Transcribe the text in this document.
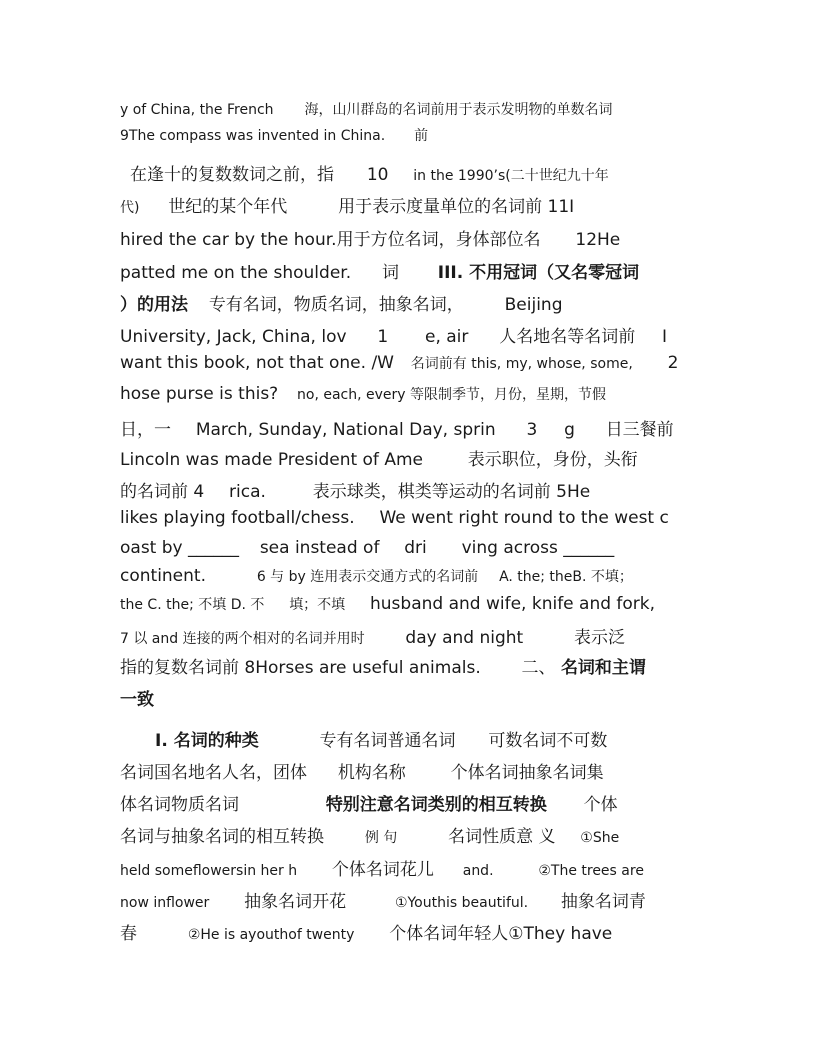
y of China, the French 海，山川群岛的名词前用于表示发明物的单数名词
9The compass was invented in China. 前
在逢十的复数数词之前，指 10 in the 1990’s(二十世纪九十年
代) 世纪的某个年代	用于表示度量单位的名词前 11I
hired the car by the hour.用于方位名词，身体部位名 12He
patted me on the shoulder. 词 III. 不用冠词（又名零冠词
）的用法 专有名词，物质名词，抽象名词， Beijing
University, Jack, China, lov 1 e, air 人名地名等名词前 I
want this book, not that one. /W 名词前有 this, my, whose, some, 2
hose purse is this? no, each, every 等限制季节，月份，星期，节假
日，一 March, Sunday, National Day, sprin 3 g 日三餐前
Lincoln was made President of Ame	表示职位，身份，头衔
的名词前 4 rica.	表示球类，棋类等运动的名词前 5He
likes playing football/chess. We went right round to the west c
oast by ______ sea instead of dri ving across ______
continent.	6 与 by 连用表示交通方式的名词前 A. the; theB. 不填；
the C. the; 不填 D. 不 填；不填 husband and wife, knife and fork,
7 以 and 连接的两个相对的名词并用时 day and night	表示泛
指的复数名词前 8Horses are useful animals. 二、 名词和主谓
一致
I. 名词的种类	专有名词普通名词 可数名词不可数
名词国名地名人名，团体 机构名称	个体名词抽象名词集
体名词物质名词	特别注意名词类别的相互转换 个体
名词与抽象名词的相互转换	例 句	名词性质意 义 ①She
held someflowersin her h 个体名词花儿 and.	②The trees are
now inflower 抽象名词开花	①Youthis beautiful. 抽象名词青
春	②He is ayouthof twenty 个体名词年轻人①They have
